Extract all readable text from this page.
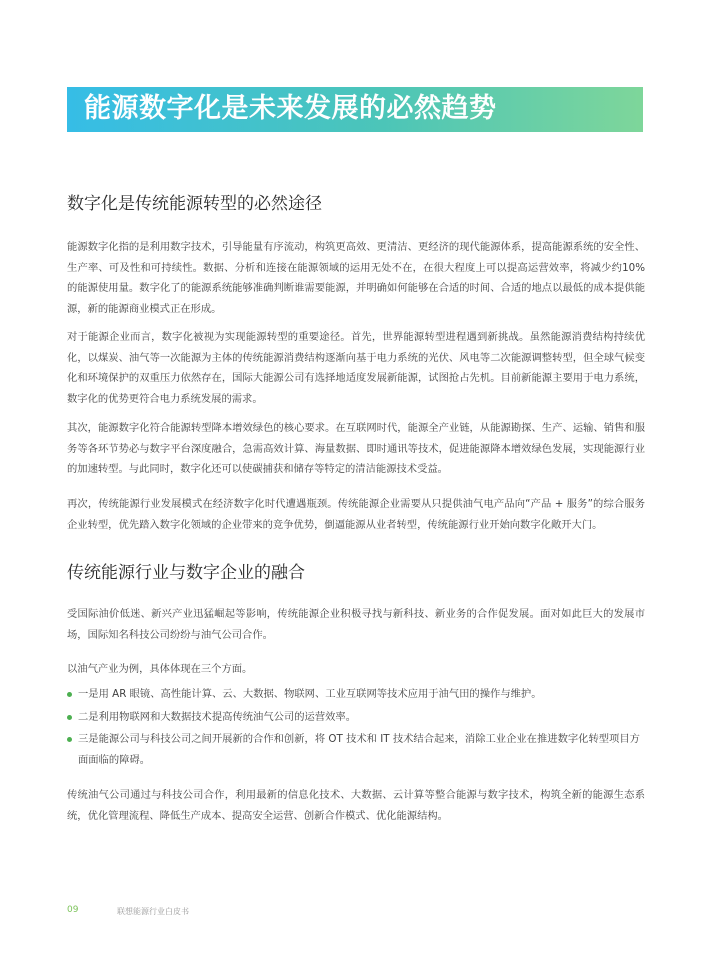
能源数字化是未来发展的必然趋势
数字化是传统能源转型的必然途径

能源数字化指的是利用数字技术，引导能量有序流动，构筑更高效、更清洁、更经济的现代能源体系，提高能源系统的安全性、生产率、可及性和可持续性。数据、分析和连接在能源领域的运用无处不在，在很大程度上可以提高运营效率，将减少约10% 的能源使用量。数字化了的能源系统能够准确判断谁需要能源，并明确如何能够在合适的时间、合适的地点以最低的成本提供能源，新的能源商业模式正在形成。

对于能源企业而言，数字化被视为实现能源转型的重要途径。首先，世界能源转型进程遇到新挑战。虽然能源消费结构持续优化，以煤炭、油气等一次能源为主体的传统能源消费结构逐渐向基于电力系统的光伏、风电等二次能源调整转型，但全球气候变化和环境保护的双重压力依然存在，国际大能源公司有选择地适度发展新能源，试图抢占先机。目前新能源主要用于电力系统，数字化的优势更符合电力系统发展的需求。

其次，能源数字化符合能源转型降本增效绿色的核心要求。在互联网时代，能源全产业链，从能源勘探、生产、运输、销售和服务等各环节势必与数字平台深度融合，急需高效计算、海量数据、即时通讯等技术，促进能源降本增效绿色发展，实现能源行业的加速转型。与此同时，数字化还可以使碳捕获和储存等特定的清洁能源技术受益。

再次，传统能源行业发展模式在经济数字化时代遭遇瓶颈。传统能源企业需要从只提供油气电产品向“产品 + 服务”的综合服务企业转型，优先踏入数字化领域的企业带来的竞争优势，倒逼能源从业者转型，传统能源行业开始向数字化敞开大门。

传统能源行业与数字企业的融合

受国际油价低迷、新兴产业迅猛崛起等影响，传统能源企业积极寻找与新科技、新业务的合作促发展。面对如此巨大的发展市场，国际知名科技公司纷纷与油气公司合作。

以油气产业为例，具体体现在三个方面。

一是用 AR 眼镜、高性能计算、云、大数据、物联网、工业互联网等技术应用于油气田的操作与维护。
二是利用物联网和大数据技术提高传统油气公司的运营效率。
三是能源公司与科技公司之间开展新的合作和创新，将 OT 技术和 IT 技术结合起来，消除工业企业在推进数字化转型项目方面面临的障碍。

传统油气公司通过与科技公司合作，利用最新的信息化技术、大数据、云计算等整合能源与数字技术，构筑全新的能源生态系统，优化管理流程、降低生产成本、提高安全运营、创新合作模式、优化能源结构。

09	联想能源行业白皮书
